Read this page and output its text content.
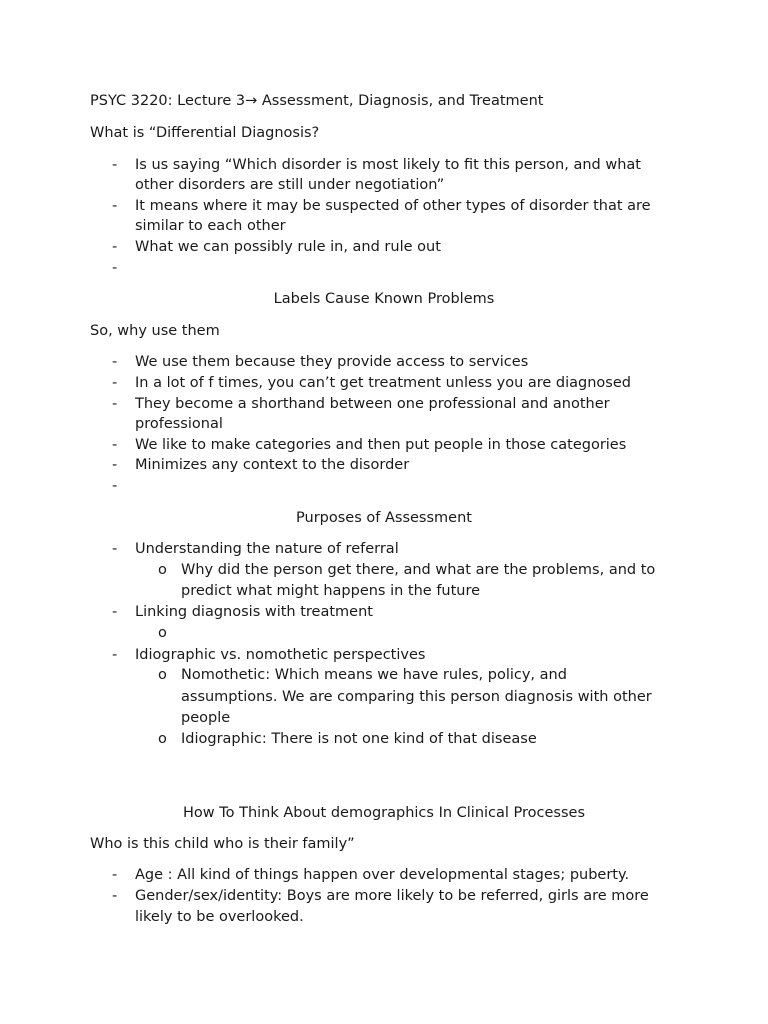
PSYC 3220: Lecture 3→ Assessment, Diagnosis, and Treatment
What is “Differential Diagnosis?
- Is us saying “Which disorder is most likely to fit this person, and what
other disorders are still under negotiation”
- It means where it may be suspected of other types of disorder that are
similar to each other
- What we can possibly rule in, and rule out
-
Labels Cause Known Problems
So, why use them
- We use them because they provide access to services
- In a lot of f times, you can’t get treatment unless you are diagnosed
- They become a shorthand between one professional and another
professional
- We like to make categories and then put people in those categories
- Minimizes any context to the disorder
-
Purposes of Assessment
- Understanding the nature of referral
o Why did the person get there, and what are the problems, and to
predict what might happens in the future
- Linking diagnosis with treatment
o
- Idiographic vs. nomothetic perspectives
o Nomothetic: Which means we have rules, policy, and
assumptions. We are comparing this person diagnosis with other
people
o Idiographic: There is not one kind of that disease
How To Think About demographics In Clinical Processes
Who is this child who is their family”
- Age : All kind of things happen over developmental stages; puberty.
- Gender/sex/identity: Boys are more likely to be referred, girls are more
likely to be overlooked.
